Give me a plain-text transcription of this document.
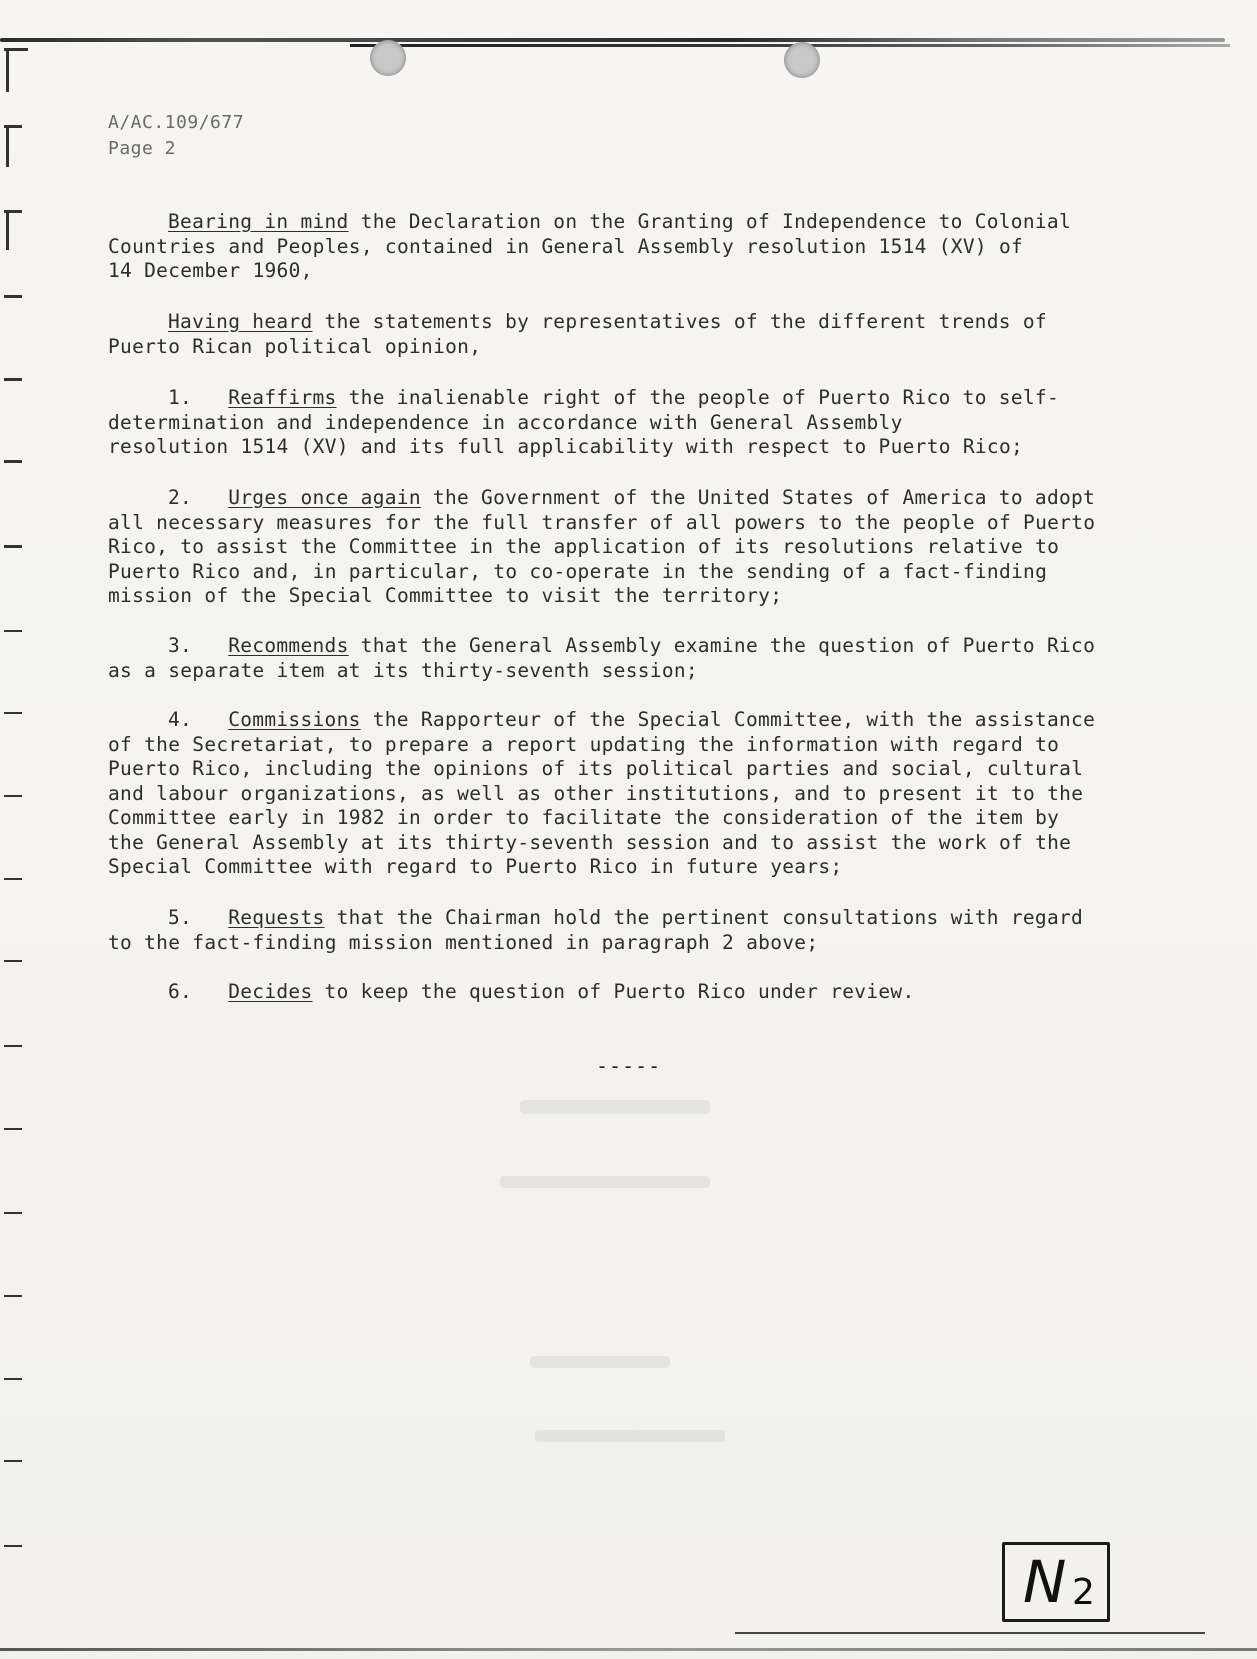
A/AC.109/677
Page 2
Bearing in mind the Declaration on the Granting of Independence to Colonial
Countries and Peoples, contained in General Assembly resolution 1514 (XV) of
14 December 1960,
Having heard the statements by representatives of the different trends of
Puerto Rican political opinion,
1. Reaffirms the inalienable right of the people of Puerto Rico to self-
determination and independence in accordance with General Assembly
resolution 1514 (XV) and its full applicability with respect to Puerto Rico;
2. Urges once again the Government of the United States of America to adopt
all necessary measures for the full transfer of all powers to the people of Puerto
Rico, to assist the Committee in the application of its resolutions relative to
Puerto Rico and, in particular, to co-operate in the sending of a fact-finding
mission of the Special Committee to visit the territory;
3. Recommends that the General Assembly examine the question of Puerto Rico
as a separate item at its thirty-seventh session;
4. Commissions the Rapporteur of the Special Committee, with the assistance
of the Secretariat, to prepare a report updating the information with regard to
Puerto Rico, including the opinions of its political parties and social, cultural
and labour organizations, as well as other institutions, and to present it to the
Committee early in 1982 in order to facilitate the consideration of the item by
the General Assembly at its thirty-seventh session and to assist the work of the
Special Committee with regard to Puerto Rico in future years;
5. Requests that the Chairman hold the pertinent consultations with regard
to the fact-finding mission mentioned in paragraph 2 above;
6. Decides to keep the question of Puerto Rico under review.
-----
N 2
